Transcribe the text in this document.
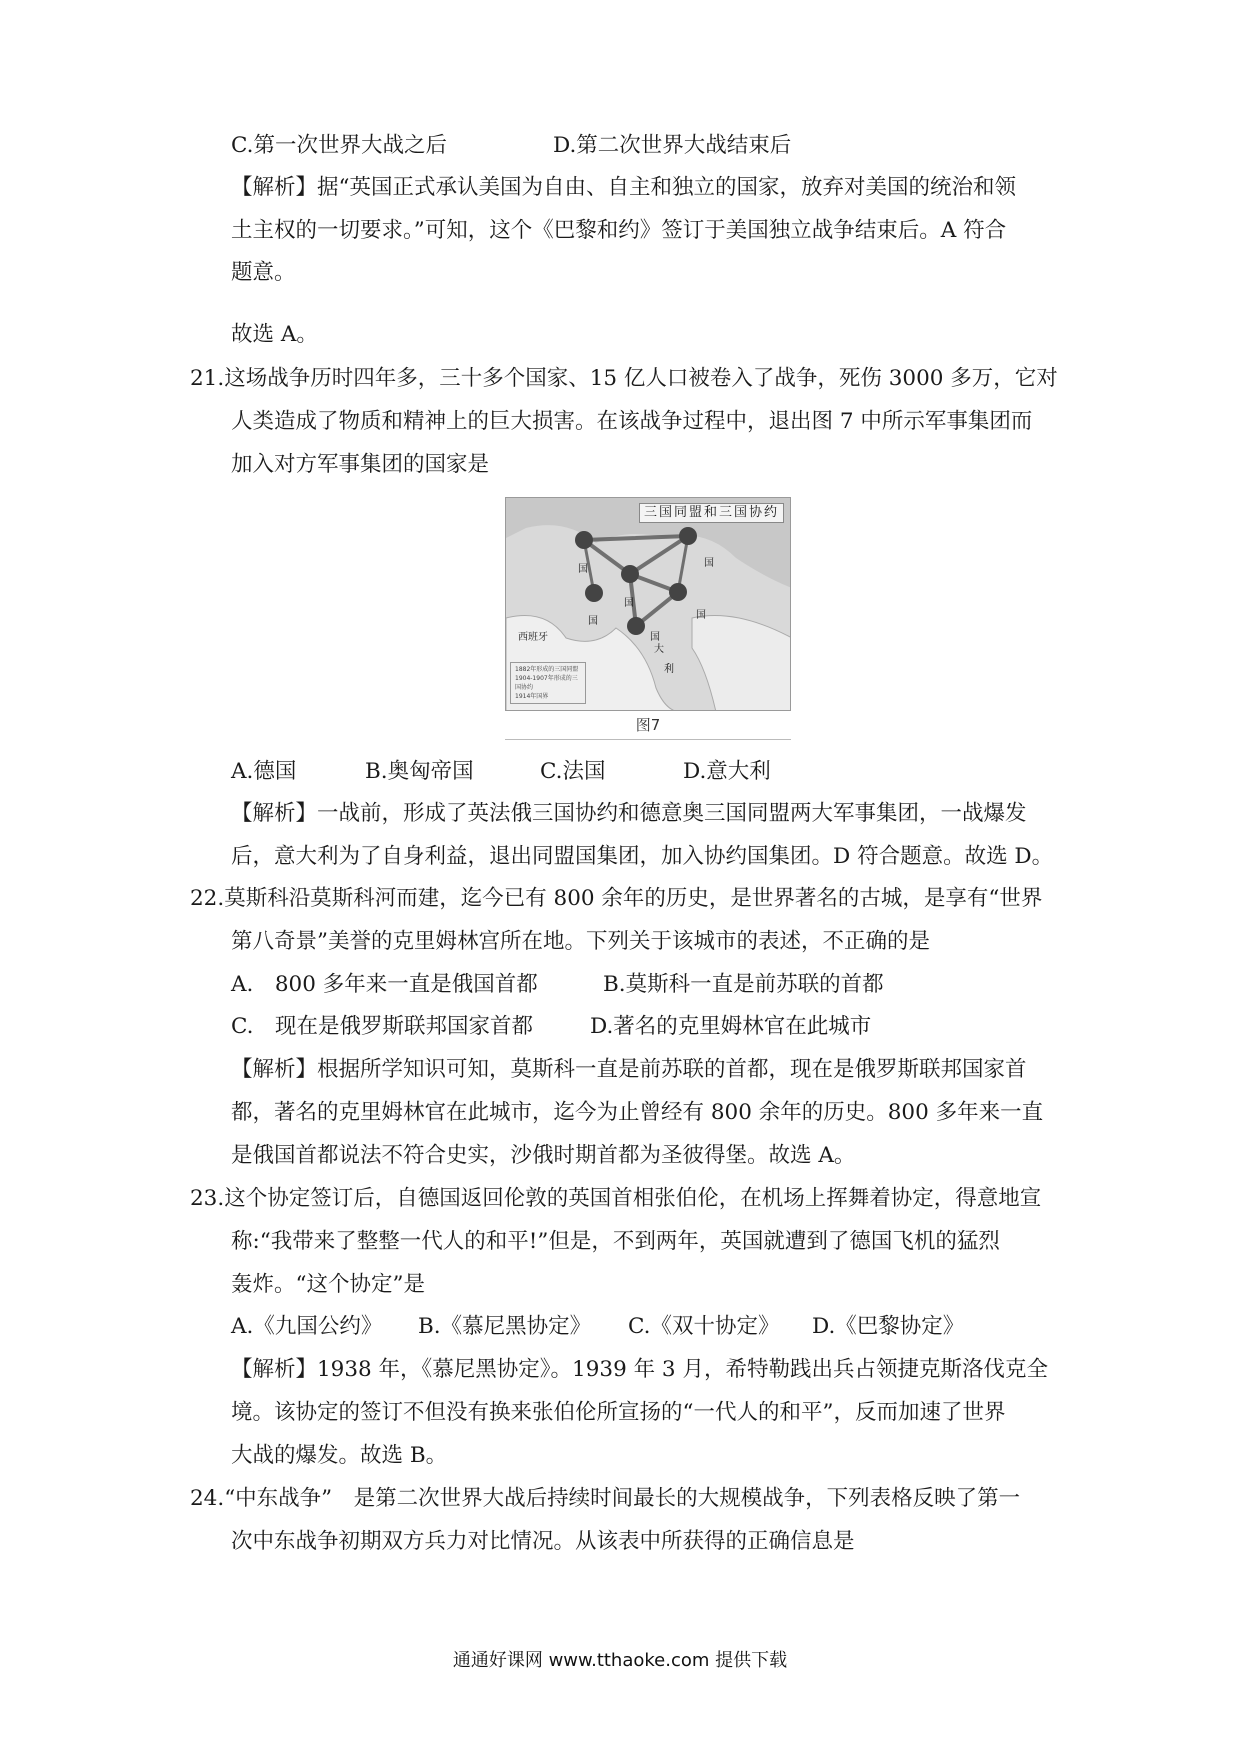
C.第一次世界大战之后	D.第二次世界大战结束后
【解析】据“英国正式承认美国为自由、自主和独立的国家，放弃对美国的统治和领
土主权的一切要求。”可知，这个《巴黎和约》签订于美国独立战争结束后。A 符合
题意。
故选 A。
21.这场战争历时四年多，三十多个国家、15 亿人口被卷入了战争，死伤 3000 多万，它对
人类造成了物质和精神上的巨大损害。在该战争过程中，退出图 7 中所示军事集团而
加入对方军事集团的国家是
国
国
国
国
国
国
西班牙
大
利
三国同盟和三国协约
1882年形成的三国同盟
1904-1907年形成的三国协约
1914年国界
图7
A.德国	B.奥匈帝国	C.法国	D.意大利
【解析】一战前，形成了英法俄三国协约和德意奥三国同盟两大军事集团，一战爆发
后，意大利为了自身利益，退出同盟国集团，加入协约国集团。D 符合题意。故选 D。
22.莫斯科沿莫斯科河而建，迄今已有 800 余年的历史，是世界著名的古城，是享有“世界
第八奇景”美誉的克里姆林宫所在地。下列关于该城市的表述，不正确的是
A.　800 多年来一直是俄国首都	B.莫斯科一直是前苏联的首都
C.　现在是俄罗斯联邦国家首都	D.著名的克里姆林官在此城市
【解析】根据所学知识可知，莫斯科一直是前苏联的首都，现在是俄罗斯联邦国家首
都，著名的克里姆林官在此城市，迄今为止曾经有 800 余年的历史。800 多年来一直
是俄国首都说法不符合史实，沙俄时期首都为圣彼得堡。故选 A。
23.这个协定签订后，自德国返回伦敦的英国首相张伯伦，在机场上挥舞着协定，得意地宣
称:“我带来了整整一代人的和平!”但是，不到两年，英国就遭到了德国飞机的猛烈
轰炸。“这个协定”是
A.《九国公约》 B.《慕尼黑协定》 C.《双十协定》 D.《巴黎协定》
【解析】1938 年，《慕尼黑协定》。1939 年 3 月，希特勒践出兵占领捷克斯洛伐克全
境。该协定的签订不但没有换来张伯伦所宣扬的“一代人的和平”，反而加速了世界
大战的爆发。故选 B。
24.“中东战争”　是第二次世界大战后持续时间最长的大规模战争，下列表格反映了第一
次中东战争初期双方兵力对比情况。从该表中所获得的正确信息是
通通好课网 www.tthaoke.com 提供下载
